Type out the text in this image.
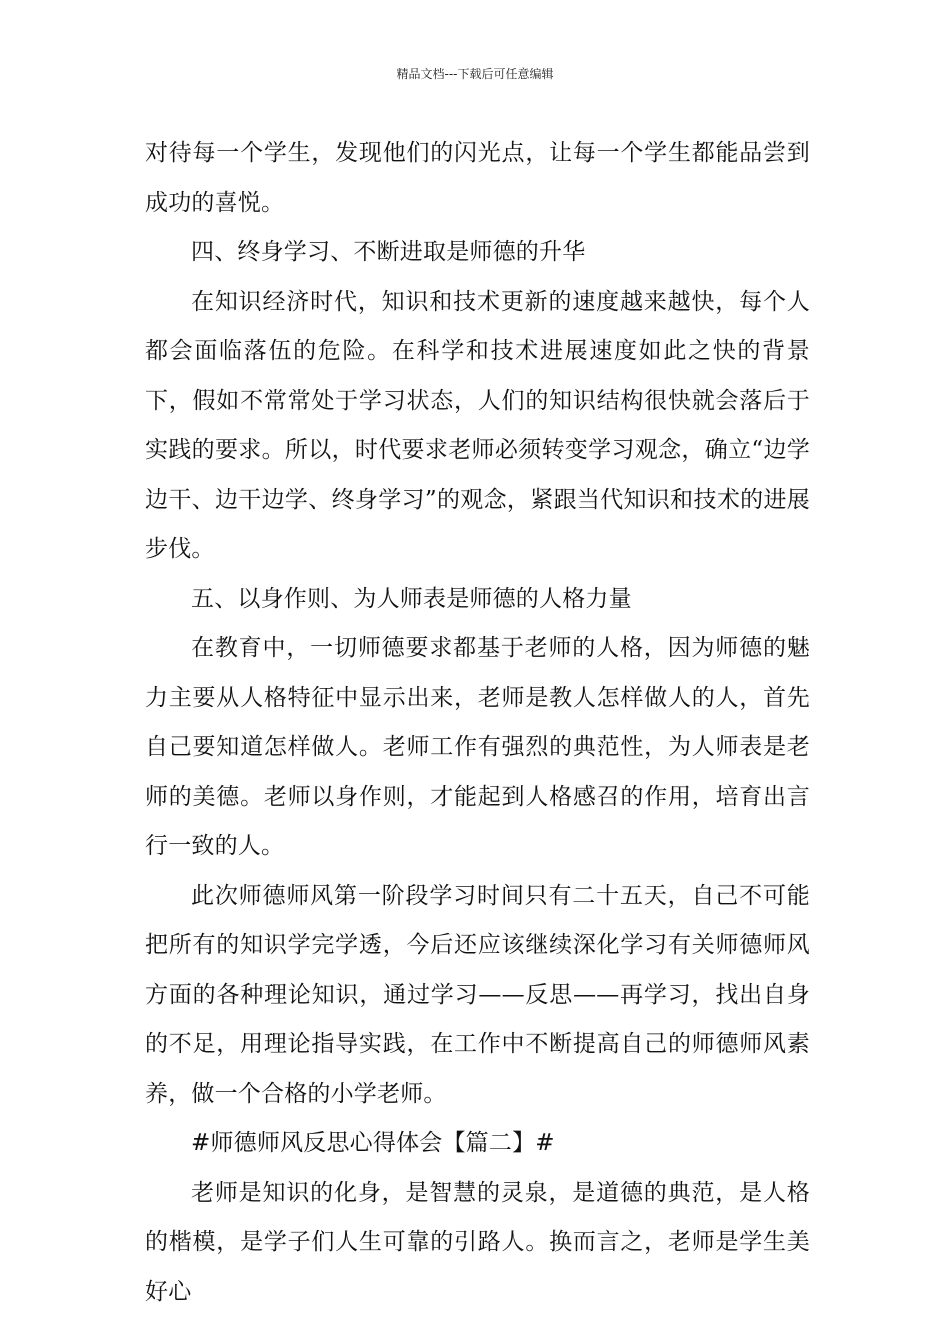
精品文档---下载后可任意编辑

对待每一个学生，发现他们的闪光点，让每一个学生都能品尝到成功的喜悦。

四、终身学习、不断进取是师德的升华

在知识经济时代，知识和技术更新的速度越来越快，每个人都会面临落伍的危险。在科学和技术进展速度如此之快的背景下，假如不常常处于学习状态，人们的知识结构很快就会落后于实践的要求。所以，时代要求老师必须转变学习观念，确立“边学边干、边干边学、终身学习”的观念，紧跟当代知识和技术的进展步伐。

五、以身作则、为人师表是师德的人格力量

在教育中，一切师德要求都基于老师的人格，因为师德的魅力主要从人格特征中显示出来，老师是教人怎样做人的人，首先自己要知道怎样做人。老师工作有强烈的典范性，为人师表是老师的美德。老师以身作则，才能起到人格感召的作用，培育出言行一致的人。

此次师德师风第一阶段学习时间只有二十五天，自己不可能把所有的知识学完学透，今后还应该继续深化学习有关师德师风方面的各种理论知识，通过学习——反思——再学习，找出自身的不足，用理论指导实践，在工作中不断提高自己的师德师风素养，做一个合格的小学老师。

#师德师风反思心得体会【篇二】#

老师是知识的化身，是智慧的灵泉，是道德的典范，是人格的楷模，是学子们人生可靠的引路人。换而言之，老师是学生美好心
